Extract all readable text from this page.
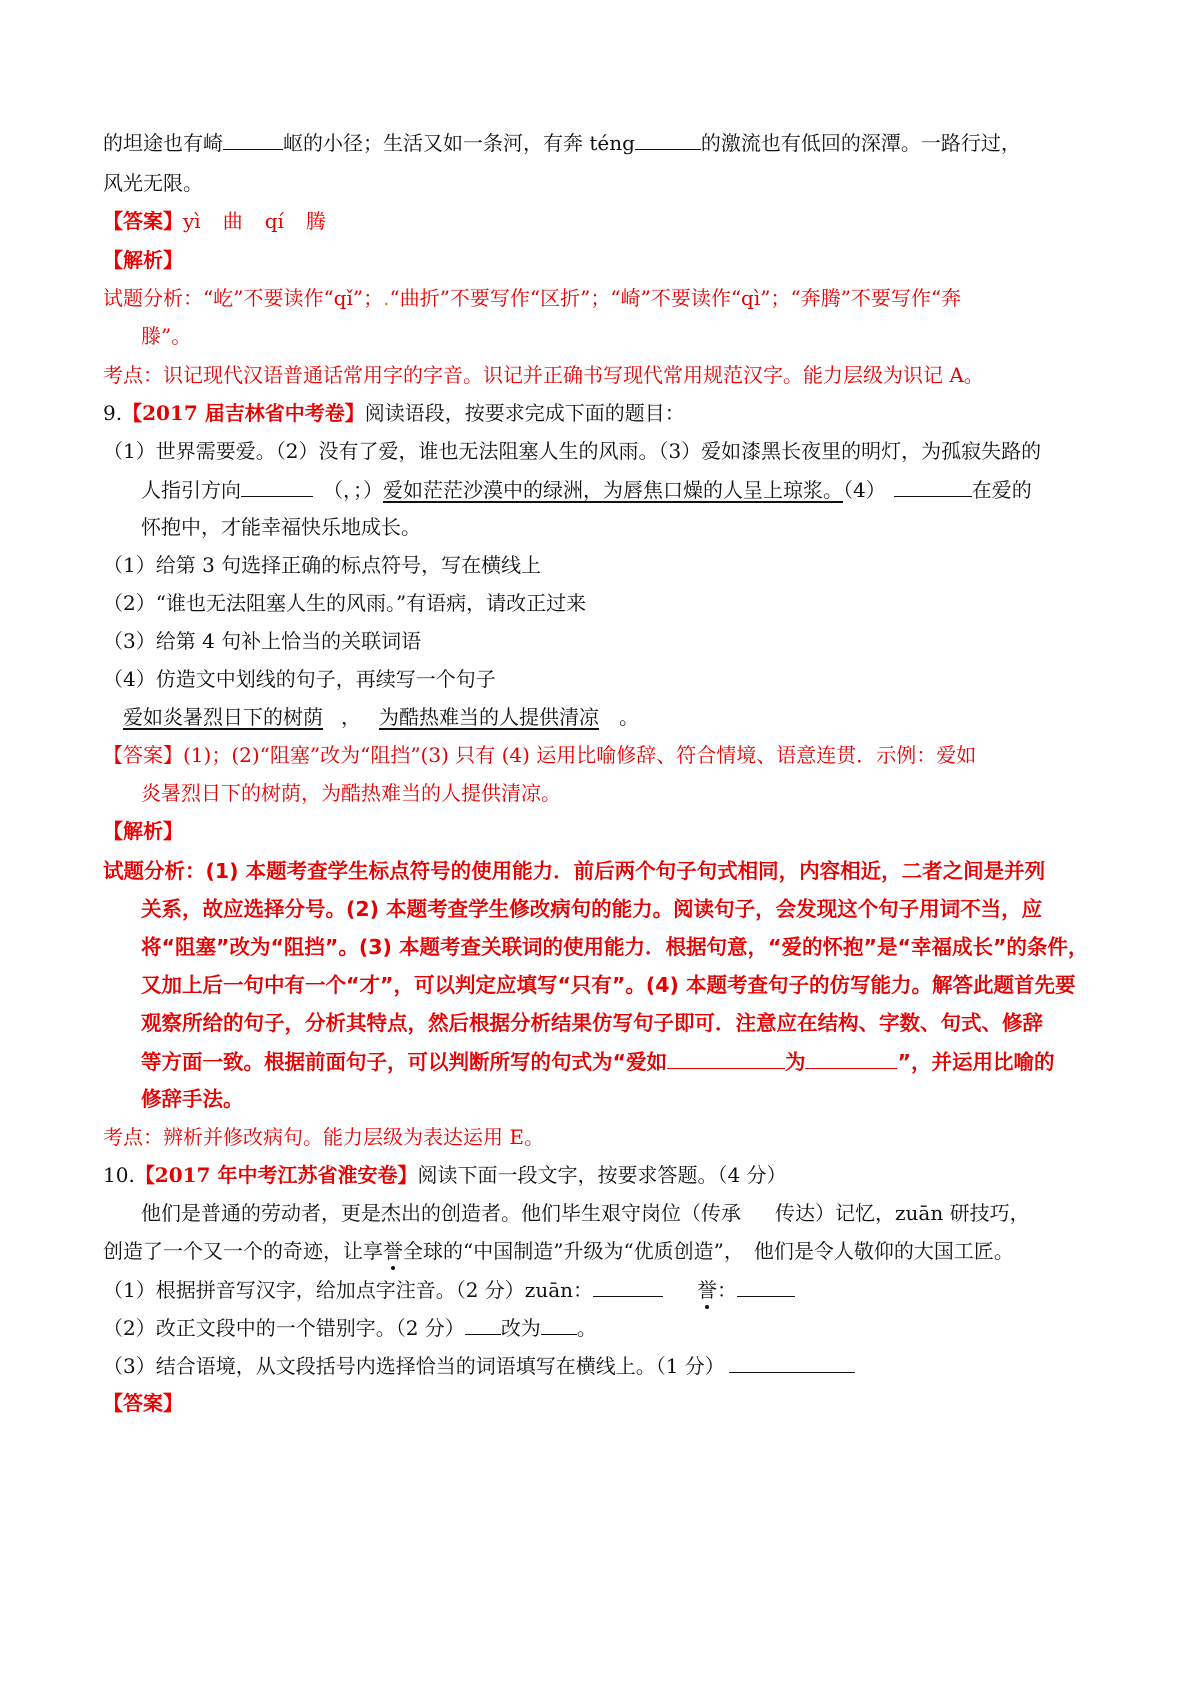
的坦途也有崎	岖的小径；生活又如一条河，有奔 téng	的激流也有低回的深潭。一路行过，

风光无限。

【答案】yì 曲 qí 腾

【解析】

试题分析：“屹”不要读作“qǐ”；.“曲折”不要写作“区折”；“崎”不要读作“qì”；“奔腾”不要写作“奔

滕”。

考点：识记现代汉语普通话常用字的字音。识记并正确书写现代常用规范汉字。能力层级为识记 A。

9.【2017 届吉林省中考卷】阅读语段，按要求完成下面的题目：

（1）世界需要爱。（2）没有了爱，谁也无法阻塞人生的风雨。（3）爱如漆黑长夜里的明灯，为孤寂失路的

人指引方向	（，；）爱如茫茫沙漠中的绿洲，为唇焦口燥的人呈上琼浆。（4）	在爱的

怀抱中，才能幸福快乐地成长。

（1）给第 3 句选择正确的标点符号，写在横线上

（2）“谁也无法阻塞人生的风雨。”有语病，请改正过来

（3）给第 4 句补上恰当的关联词语

（4）仿造文中划线的句子，再续写一个句子

爱如炎暑烈日下的树荫 ， 为酷热难当的人提供清凉 。

【答案】(1)；(2)“阻塞”改为“阻挡”(3) 只有 (4) 运用比喻修辞、符合情境、语意连贯．示例：爱如

炎暑烈日下的树荫，为酷热难当的人提供清凉。

【解析】

试题分析：(1) 本题考查学生标点符号的使用能力．前后两个句子句式相同，内容相近，二者之间是并列

关系，故应选择分号。(2) 本题考查学生修改病句的能力。阅读句子，会发现这个句子用词不当，应

将“阻塞”改为“阻挡”。(3) 本题考查关联词的使用能力．根据句意，“爱的怀抱”是“幸福成长”的条件，

又加上后一句中有一个“才”，可以判定应填写“只有”。(4) 本题考查句子的仿写能力。解答此题首先要

观察所给的句子，分析其特点，然后根据分析结果仿写句子即可．注意应在结构、字数、句式、修辞

等方面一致。根据前面句子，可以判断所写的句式为“爱如	为	”，并运用比喻的

修辞手法。

考点：辨析并修改病句。能力层级为表达运用 E。

10.【2017 年中考江苏省淮安卷】阅读下面一段文字，按要求答题。（4 分）

他们是普通的劳动者，更是杰出的创造者。他们毕生艰守岗位（传承 传达）记忆，zuān 研技巧，

创造了一个又一个的奇迹，让享誉全球的“中国制造”升级为“优质创造”， 他们是令人敬仰的大国工匠。

（1）根据拼音写汉字，给加点字注音。（2 分）zuān：	誉：

（2）改正文段中的一个错别字。（2 分） 改为 。

（3）结合语境，从文段括号内选择恰当的词语填写在横线上。（1 分）

【答案】
